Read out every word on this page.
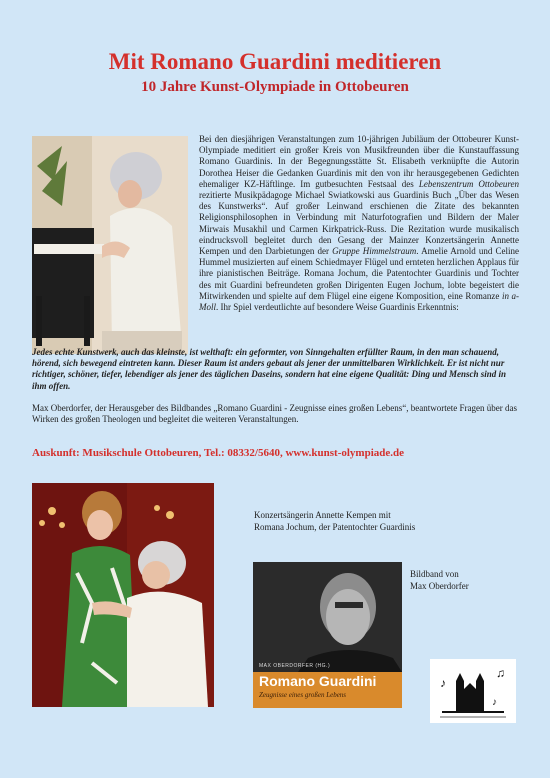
Mit Romano Guardini meditieren
10 Jahre Kunst-Olympiade in Ottobeuren
Bei den diesjährigen Veranstaltungen zum 10-jährigen Jubiläum der Ottobeurer Kunst-Olympiade meditiert ein großer Kreis von Musikfreunden über die Kunstauffassung Romano Guardinis. In der Begegnungsstätte St. Elisabeth verknüpfte die Autorin Dorothea Heiser die Gedanken Guardinis mit den von ihr herausgegebenen Gedichten ehemaliger KZ-Häftlinge. Im gutbesuchten Festsaal des Lebenszentrum Ottobeuren rezitierte Musikpädagoge Michael Swiatkowski aus Guardinis Buch „Über das Wesen des Kunstwerks“. Auf großer Leinwand erschienen die Zitate des bekannten Religionsphilosophen in Verbindung mit Naturfotografien und Bildern der Maler Mirwais Musakhil und Carmen Kirkpatrick-Russ. Die Rezitation wurde musikalisch eindrucksvoll begleitet durch den Gesang der Mainzer Konzertsängerin Annette Kempen und den Darbietungen der Gruppe Himmelstraum. Amelie Arnold und Celine Hummel musizierten auf einem Schiedmayer Flügel und ernteten herzlichen Applaus für ihre pianistischen Beiträge. Romana Jochum, die Patentochter Guardinis und Tochter des mit Guardini befreundeten großen Dirigenten Eugen Jochum, lobte begeistert die Mitwirkenden und spielte auf dem Flügel eine eigene Komposition, eine Romanze in a-Moll. Ihr Spiel verdeutlichte auf besondere Weise Guardinis Erkenntnis:
Jedes echte Kunstwerk, auch das kleinste, ist welthaft: ein geformter, von Sinngehalten erfüllter Raum, in den man schauend, hörend, sich bewegend eintreten kann. Dieser Raum ist anders gebaut als jener der unmittelbaren Wirklichkeit. Er ist nicht nur richtiger, schöner, tiefer, lebendiger als jener des täglichen Daseins, sondern hat eine eigene Qualität: Ding und Mensch sind in ihm offen.
Max Oberdorfer, der Herausgeber des Bildbandes „Romano Guardini - Zeugnisse eines großen Lebens“, beantwortete Fragen über das Wirken des großen Theologen und begleitet die weiteren Veranstaltungen.
Auskunft: Musikschule Ottobeuren, Tel.: 08332/5640, www.kunst-olympiade.de
Konzertsängerin Annette Kempen mit
Romana Jochum, der Patentochter Guardinis
MAX OBERDORFER (HG.)
Romano Guardini
Zeugnisse eines großen Lebens
Bildband von
Max Oberdorfer
♪
♫
♪
